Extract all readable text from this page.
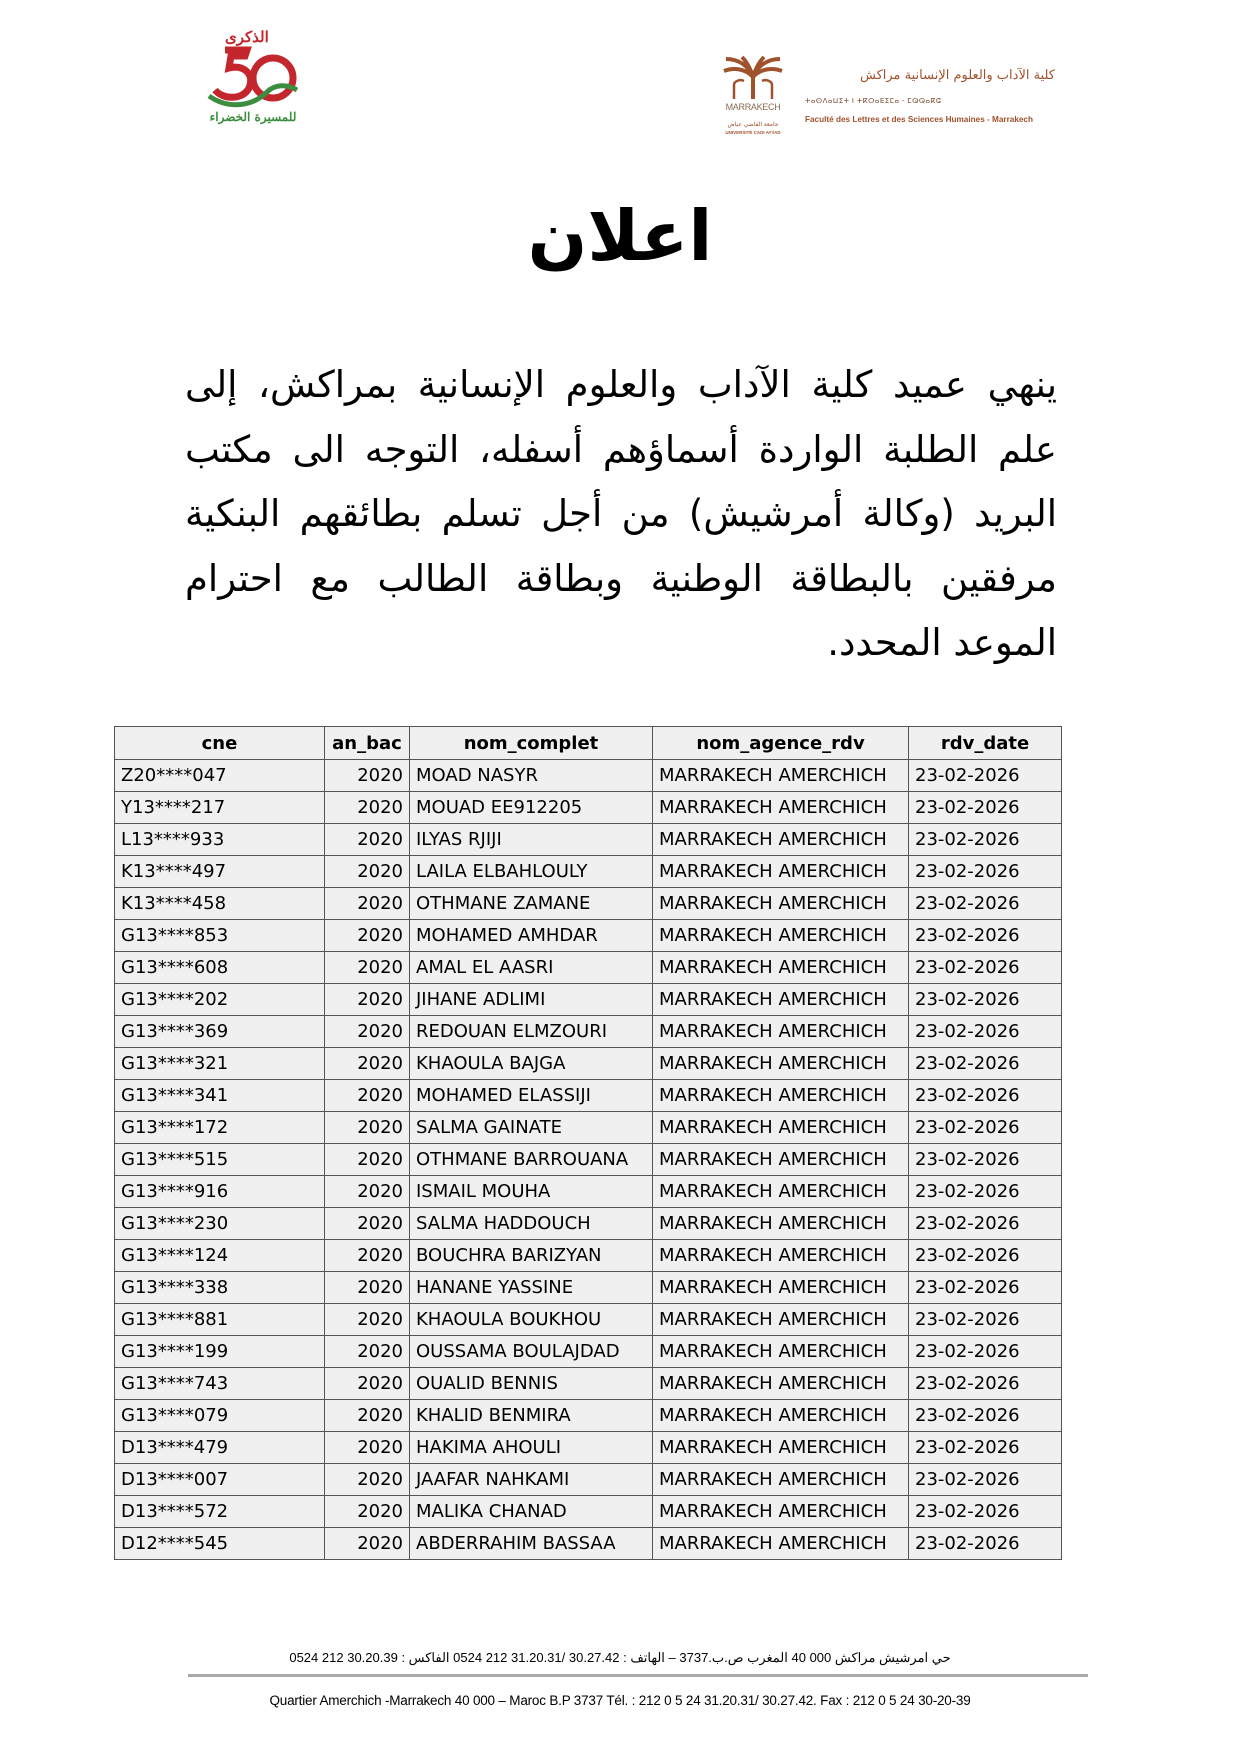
الذكرى
للمسيرة الخضراء
MARRAKECH
جامعة القاضي عياض
UNIVERSITÉ CADI AYYAD
كلية الآداب والعلوم الإنسانية مراكش
ⵜⴰⵙⴷⴰⵡⵉⵜ ⵏ ⵜⴽⵔⴰⴹⵉⵎⴰ - ⵎⵕⵕⴰⴽⵛ
Faculté des Lettres et des Sciences Humaines - Marrakech
اعلان
ينهي عميد كلية الآداب والعلوم الإنسانية بمراكش، إلى علم الطلبة الواردة أسماؤهم أسفله، التوجه الى مكتب البريد (وكالة أمرشيش) من أجل تسلم بطائقهم البنكية مرفقين بالبطاقة الوطنية وبطاقة الطالب مع احترام الموعد المحدد.
cne	an_bac	nom_complet	nom_agence_rdv	rdv_date
Z20****047	2020	MOAD NASYR	MARRAKECH AMERCHICH	23-02-2026
Y13****217	2020	MOUAD EE912205	MARRAKECH AMERCHICH	23-02-2026
L13****933	2020	ILYAS RJIJI	MARRAKECH AMERCHICH	23-02-2026
K13****497	2020	LAILA ELBAHLOULY	MARRAKECH AMERCHICH	23-02-2026
K13****458	2020	OTHMANE ZAMANE	MARRAKECH AMERCHICH	23-02-2026
G13****853	2020	MOHAMED AMHDAR	MARRAKECH AMERCHICH	23-02-2026
G13****608	2020	AMAL EL AASRI	MARRAKECH AMERCHICH	23-02-2026
G13****202	2020	JIHANE ADLIMI	MARRAKECH AMERCHICH	23-02-2026
G13****369	2020	REDOUAN ELMZOURI	MARRAKECH AMERCHICH	23-02-2026
G13****321	2020	KHAOULA BAJGA	MARRAKECH AMERCHICH	23-02-2026
G13****341	2020	MOHAMED ELASSIJI	MARRAKECH AMERCHICH	23-02-2026
G13****172	2020	SALMA GAINATE	MARRAKECH AMERCHICH	23-02-2026
G13****515	2020	OTHMANE BARROUANA	MARRAKECH AMERCHICH	23-02-2026
G13****916	2020	ISMAIL MOUHA	MARRAKECH AMERCHICH	23-02-2026
G13****230	2020	SALMA HADDOUCH	MARRAKECH AMERCHICH	23-02-2026
G13****124	2020	BOUCHRA BARIZYAN	MARRAKECH AMERCHICH	23-02-2026
G13****338	2020	HANANE YASSINE	MARRAKECH AMERCHICH	23-02-2026
G13****881	2020	KHAOULA BOUKHOU	MARRAKECH AMERCHICH	23-02-2026
G13****199	2020	OUSSAMA BOULAJDAD	MARRAKECH AMERCHICH	23-02-2026
G13****743	2020	OUALID BENNIS	MARRAKECH AMERCHICH	23-02-2026
G13****079	2020	KHALID BENMIRA	MARRAKECH AMERCHICH	23-02-2026
D13****479	2020	HAKIMA AHOULI	MARRAKECH AMERCHICH	23-02-2026
D13****007	2020	JAAFAR NAHKAMI	MARRAKECH AMERCHICH	23-02-2026
D13****572	2020	MALIKA CHANAD	MARRAKECH AMERCHICH	23-02-2026
D12****545	2020	ABDERRAHIM BASSAA	MARRAKECH AMERCHICH	23-02-2026
حي امرشيش مراكش 000 40 المغرب ص.ب.3737 – الهاتف : 30.27.42 /31.20.31 212 0524 الفاكس : 30.20.39 212 0524
Quartier Amerchich -Marrakech 40 000 – Maroc B.P 3737 Tél. : 212 0 5 24 31.20.31/ 30.27.42. Fax : 212 0 5 24 30-20-39
